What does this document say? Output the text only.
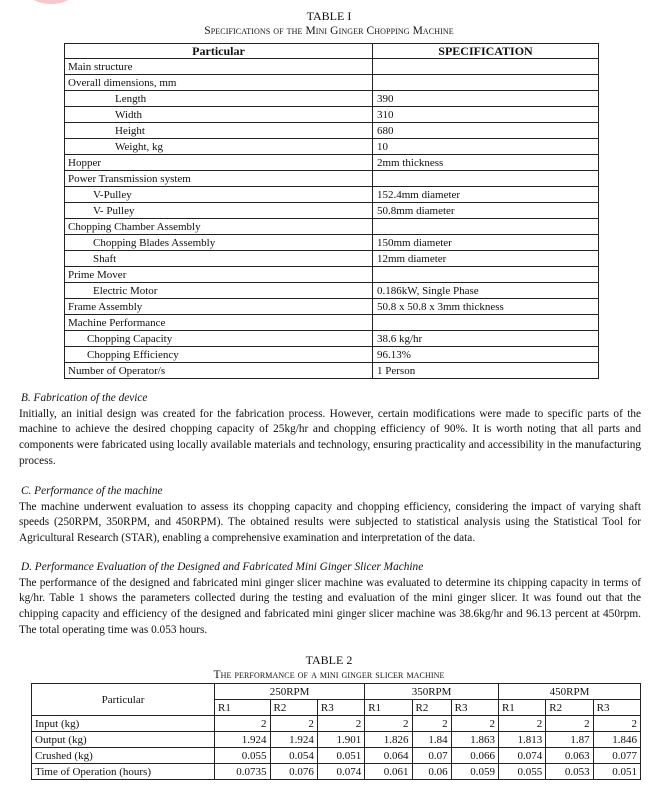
TABLE I
Specifications of the Mini Ginger Chopping Machine
Particular	SPECIFICATION
Main structure	
Overall dimensions, mm	
Length	390
Width	310
Height	680
Weight, kg	10
Hopper	2mm thickness
Power Transmission system	
V-Pulley	152.4mm diameter
V- Pulley	50.8mm diameter
Chopping Chamber Assembly	
Chopping Blades Assembly	150mm diameter
Shaft	12mm diameter
Prime Mover	
Electric Motor	0.186kW, Single Phase
Frame Assembly	50.8 x 50.8 x 3mm thickness
Machine Performance	
Chopping Capacity	38.6 kg/hr
Chopping Efficiency	96.13%
Number of Operator/s	1 Person
B. Fabrication of the device
Initially, an initial design was created for the fabrication process. However, certain modifications were made to specific parts of the machine to achieve the desired chopping capacity of 25kg/hr and chopping efficiency of 90%. It is worth noting that all parts and components were fabricated using locally available materials and technology, ensuring practicality and accessibility in the manufacturing process.
C. Performance of the machine
The machine underwent evaluation to assess its chopping capacity and chopping efficiency, considering the impact of varying shaft speeds (250RPM, 350RPM, and 450RPM). The obtained results were subjected to statistical analysis using the Statistical Tool for Agricultural Research (STAR), enabling a comprehensive examination and interpretation of the data.
D. Performance Evaluation of the Designed and Fabricated Mini Ginger Slicer Machine
The performance of the designed and fabricated mini ginger slicer machine was evaluated to determine its chipping capacity in terms of kg/hr. Table 1 shows the parameters collected during the testing and evaluation of the mini ginger slicer. It was found out that the chipping capacity and efficiency of the designed and fabricated mini ginger slicer machine was 38.6kg/hr and 96.13 percent at 450rpm. The total operating time was 0.053 hours.
TABLE 2
The performance of a mini ginger slicer machine
Particular	250RPM			350RPM			450RPM		
	R1	R2	R3	R1	R2	R3	R1	R2	R3
Input (kg)	2	2	2	2	2	2	2	2	2
Output (kg)	1.924	1.924	1.901	1.826	1.84	1.863	1.813	1.87	1.846
Crushed (kg)	0.055	0.054	0.051	0.064	0.07	0.066	0.074	0.063	0.077
Time of Operation (hours)	0.0735	0.076	0.074	0.061	0.06	0.059	0.055	0.053	0.051
